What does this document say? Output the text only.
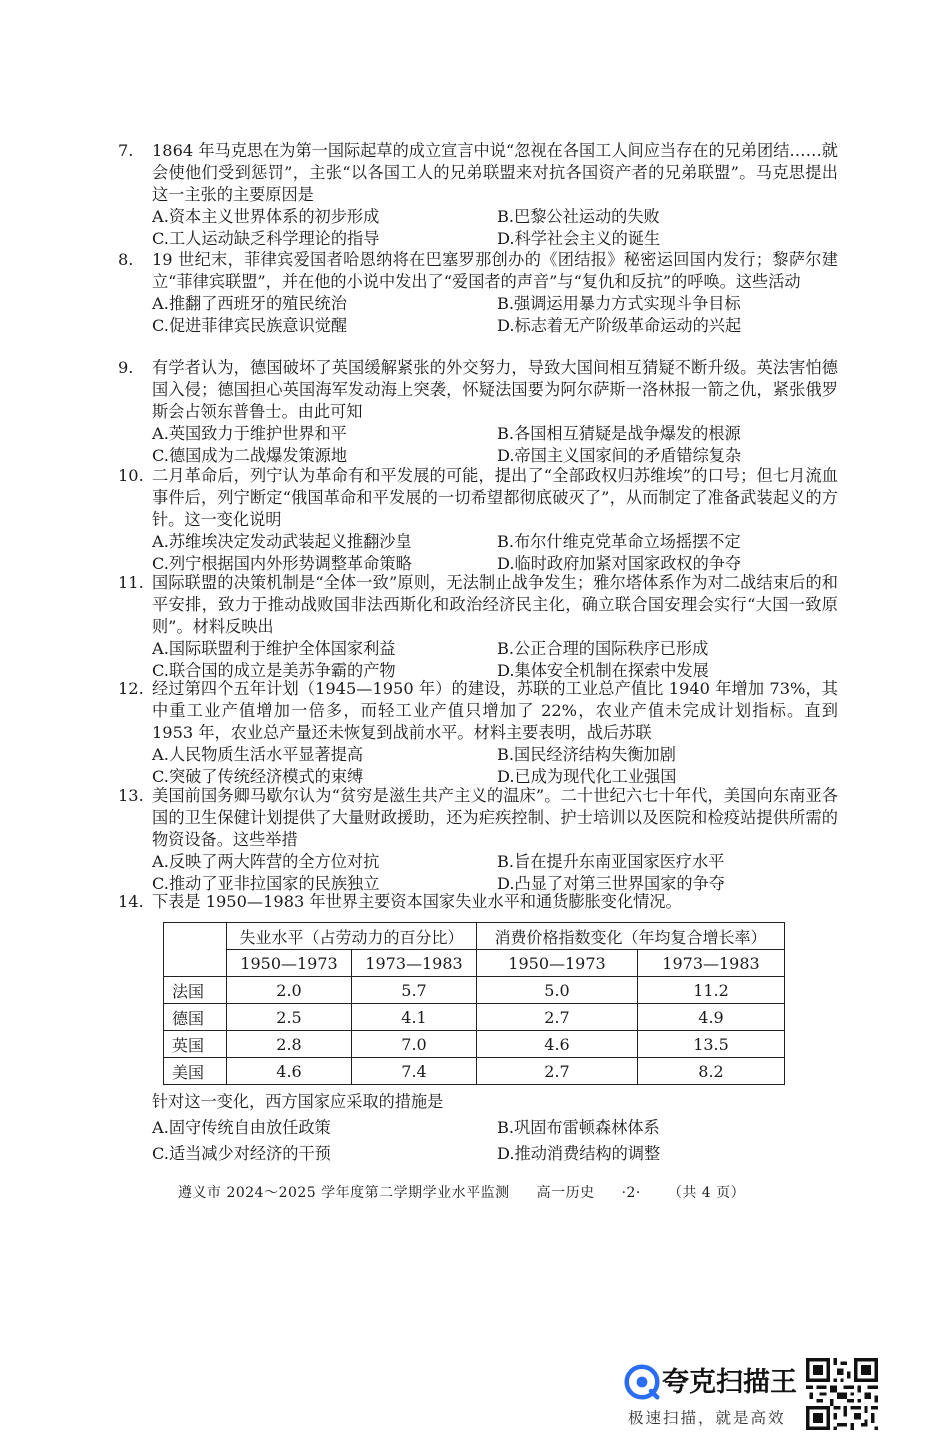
7. 1864 年马克思在为第一国际起草的成立宣言中说“忽视在各国工人间应当存在的兄弟团结……就会使他们受到惩罚”，主张“以各国工人的兄弟联盟来对抗各国资产者的兄弟联盟”。马克思提出这一主张的主要原因是
A.资本主义世界体系的初步形成	B.巴黎公社运动的失败
C.工人运动缺乏科学理论的指导	D.科学社会主义的诞生
8. 19 世纪末，菲律宾爱国者哈恩纳将在巴塞罗那创办的《团结报》秘密运回国内发行；黎萨尔建立“菲律宾联盟”，并在他的小说中发出了“爱国者的声音”与“复仇和反抗”的呼唤。这些活动
A.推翻了西班牙的殖民统治	B.强调运用暴力方式实现斗争目标
C.促进菲律宾民族意识觉醒	D.标志着无产阶级革命运动的兴起
9. 有学者认为，德国破坏了英国缓解紧张的外交努力，导致大国间相互猜疑不断升级。英法害怕德国入侵；德国担心英国海军发动海上突袭，怀疑法国要为阿尔萨斯一洛林报一箭之仇，紧张俄罗斯会占领东普鲁士。由此可知
A.英国致力于维护世界和平	B.各国相互猜疑是战争爆发的根源
C.德国成为二战爆发策源地	D.帝国主义国家间的矛盾错综复杂
10. 二月革命后，列宁认为革命有和平发展的可能，提出了“全部政权归苏维埃”的口号；但七月流血事件后，列宁断定“俄国革命和平发展的一切希望都彻底破灭了”，从而制定了准备武装起义的方针。这一变化说明
A.苏维埃决定发动武装起义推翻沙皇	B.布尔什维克党革命立场摇摆不定
C.列宁根据国内外形势调整革命策略	D.临时政府加紧对国家政权的争夺
11. 国际联盟的决策机制是“全体一致”原则，无法制止战争发生；雅尔塔体系作为对二战结束后的和平安排，致力于推动战败国非法西斯化和政治经济民主化，确立联合国安理会实行“大国一致原则”。材料反映出
A.国际联盟利于维护全体国家利益	B.公正合理的国际秩序已形成
C.联合国的成立是美苏争霸的产物	D.集体安全机制在探索中发展
12. 经过第四个五年计划（1945—1950 年）的建设，苏联的工业总产值比 1940 年增加 73%，其中重工业产值增加一倍多，而轻工业产值只增加了 22%，农业产值未完成计划指标。直到 1953 年，农业总产量还未恢复到战前水平。材料主要表明，战后苏联
A.人民物质生活水平显著提高	B.国民经济结构失衡加剧
C.突破了传统经济模式的束缚	D.已成为现代化工业强国
13. 美国前国务卿马歇尔认为“贫穷是滋生共产主义的温床”。二十世纪六七十年代，美国向东南亚各国的卫生保健计划提供了大量财政援助，还为疟疾控制、护士培训以及医院和检疫站提供所需的物资设备。这些举措
A.反映了两大阵营的全方位对抗	B.旨在提升东南亚国家医疗水平
C.推动了亚非拉国家的民族独立	D.凸显了对第三世界国家的争夺
14. 下表是 1950—1983 年世界主要资本国家失业水平和通货膨胀变化情况。
	失业水平（占劳动力的百分比）		消费价格指数变化（年均复合增长率）	
	1950—1973	1973—1983	1950—1973	1973—1983
法国	2.0	5.7	5.0	11.2
德国	2.5	4.1	2.7	4.9
英国	2.8	7.0	4.6	13.5
美国	4.6	7.4	2.7	8.2
针对这一变化，西方国家应采取的措施是
A.固守传统自由放任政策	B.巩固布雷顿森林体系
C.适当减少对经济的干预	D.推动消费结构的调整
遵义市 2024～2025 学年度第二学期学业水平监测 高一历史 ·2· （共 4 页）
夸克扫描王
极速扫描，就是高效
